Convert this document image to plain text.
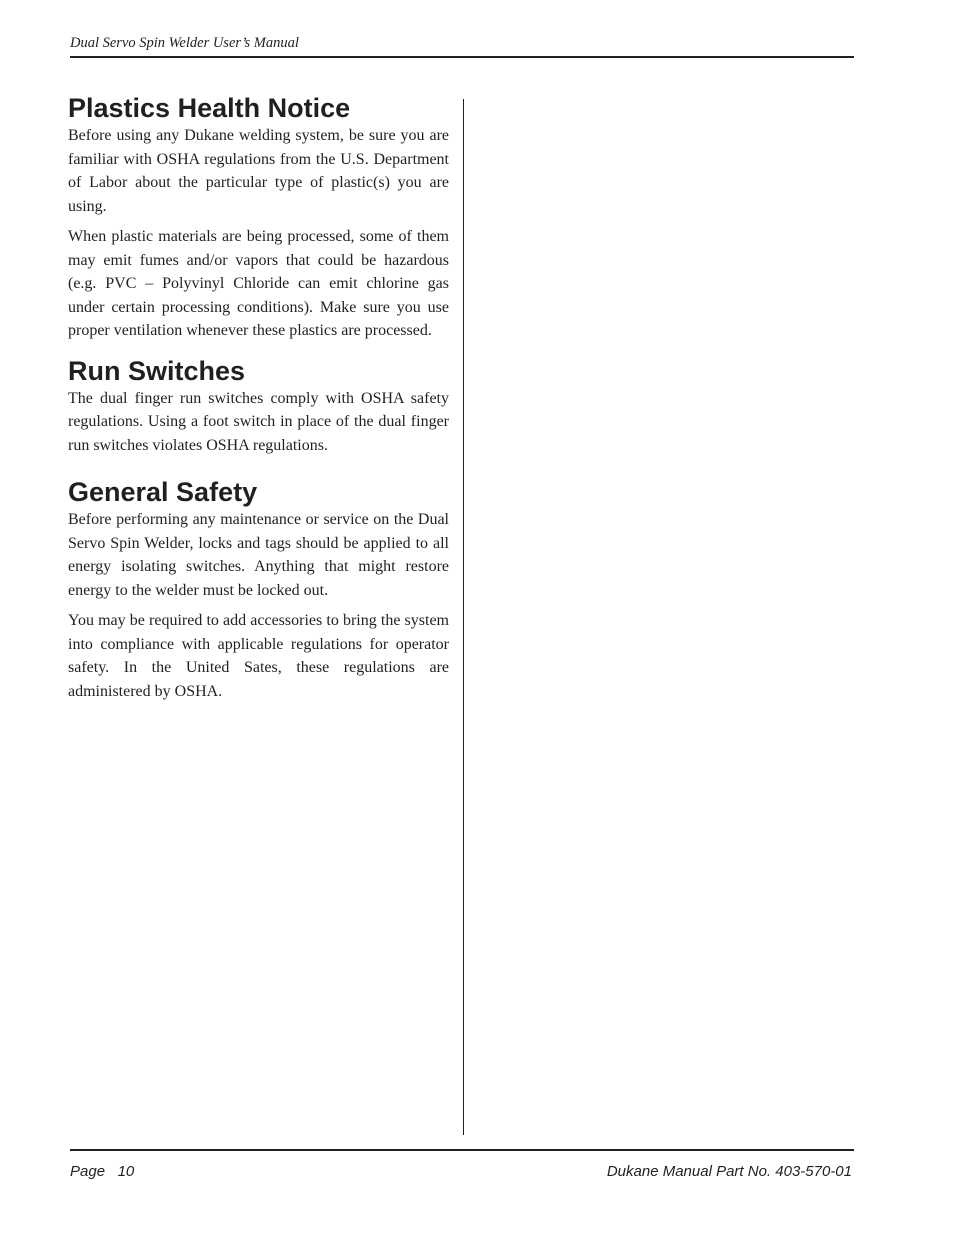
Dual Servo Spin Welder User’s Manual
Plastics Health Notice

Before using any Dukane welding system, be sure you are familiar with OSHA regulations from the U.S. Department of Labor about the particular type of plastic(s) you are using.

When plastic materials are being processed, some of them may emit fumes and/or vapors that could be hazardous (e.g. PVC – Polyvinyl Chloride can emit chlorine gas under certain processing conditions). Make sure you use proper ventilation whenever these plastics are processed.

Run Switches

The dual finger run switches comply with OSHA safety regulations. Using a foot switch in place of the dual finger run switches violates OSHA regulations.

General Safety

Before performing any maintenance or service on the Dual Servo Spin Welder, locks and tags should be applied to all energy isolating switches. Anything that might restore energy to the welder must be locked out.

You may be required to add accessories to bring the system into compliance with applicable regulations for operator safety. In the United Sates, these regulations are administered by OSHA.

Page 10	Dukane Manual Part No. 403-570-01
